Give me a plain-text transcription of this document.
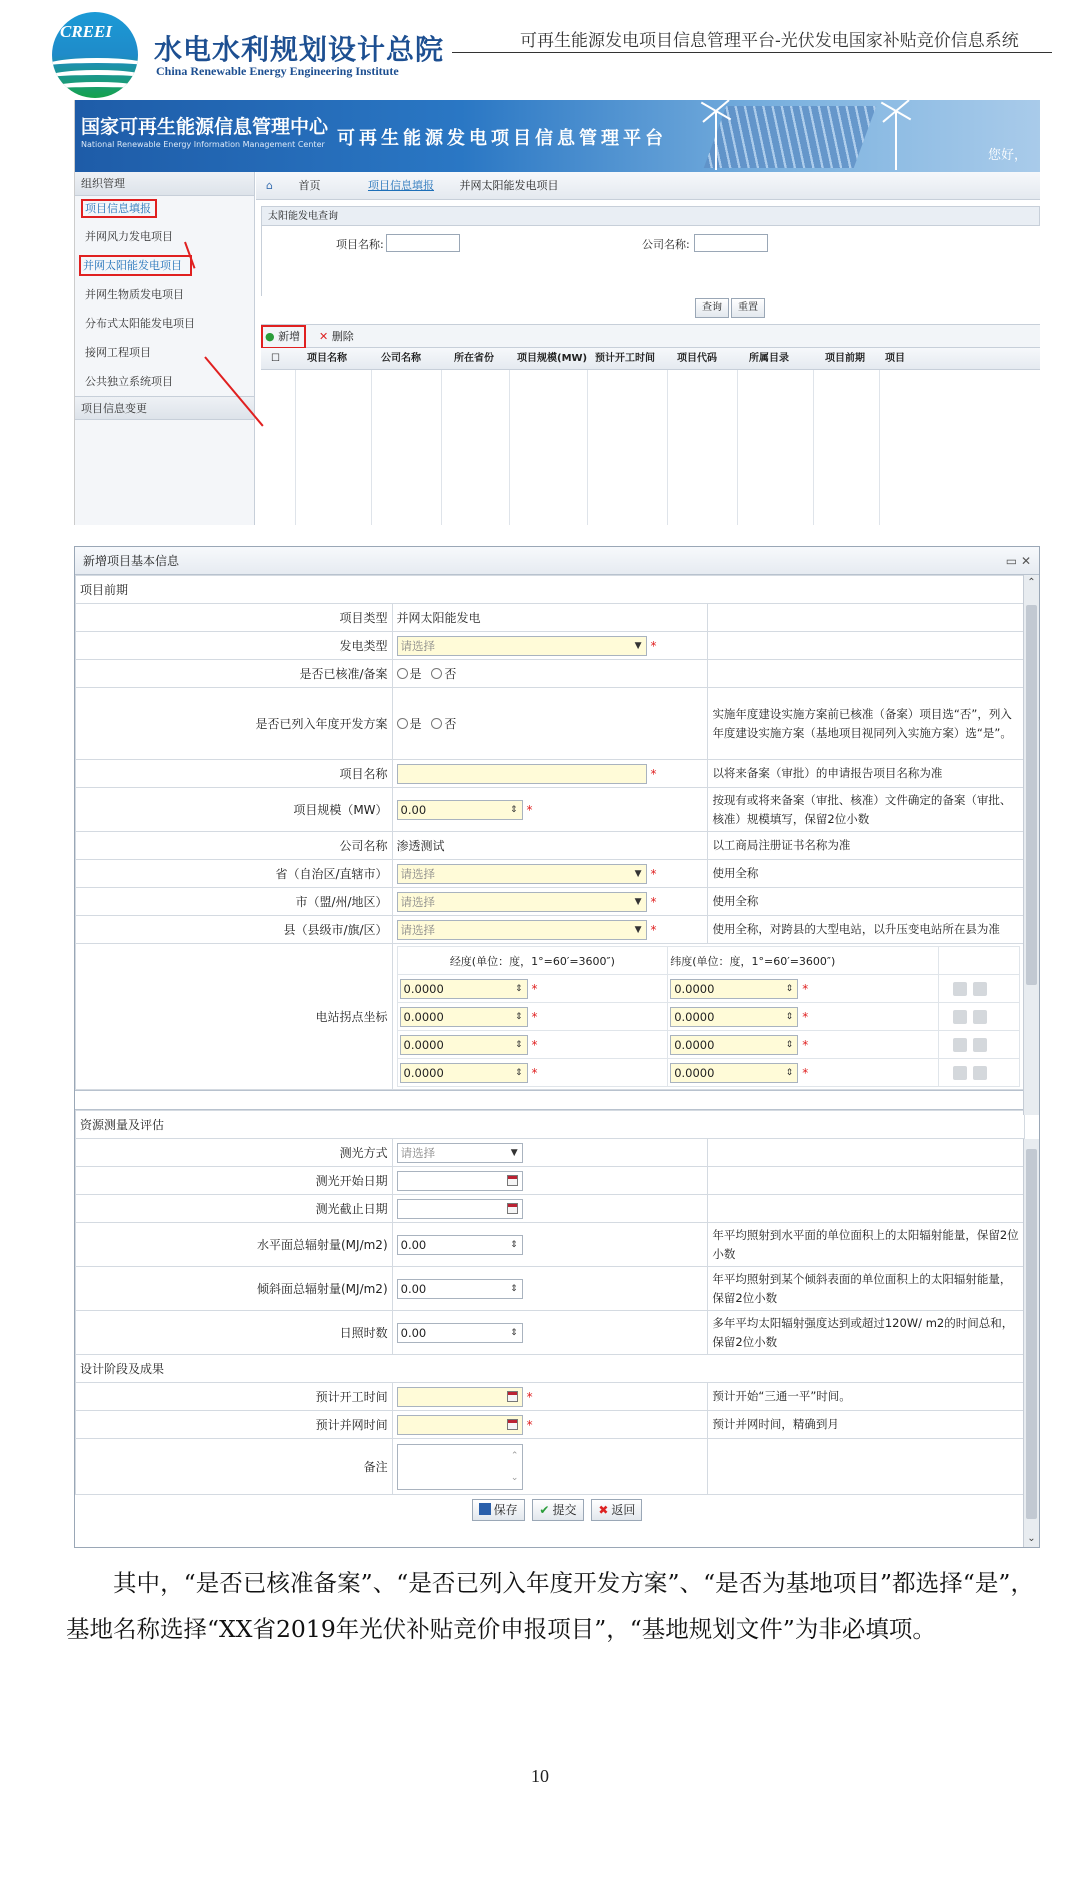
CREEI
水电水利规划设计总院
China Renewable Energy Engineering Institute
可再生能源发电项目信息管理平台-光伏发电国家补贴竞价信息系统
国家可再生能源信息管理中心
National Renewable Energy Information Management Center 可再生能源发电项目信息管理平台
您好，
组织管理
项目信息填报
并网风力发电项目
并网太阳能发电项目
并网生物质发电项目
分布式太阳能发电项目
接网工程项目
公共独立系统项目
项目信息变更
⌂ 首页	项目信息填报 并网太阳能发电项目
太阳能发电查询
项目名称:	公司名称:
查询	重置
● 新增	✕ 删除
☐	项目名称	公司名称	所在省份 项目规模(MW) 预计开工时间 项目代码	所属目录	项目前期 项目
新增项目基本信息	▭ ✕
⌃
项目前期
项目类型	并网太阳能发电	
发电类型	请选择	▼ *	
是否已核准/备案	是 否	
是否已列入年度开发方案	是 否	实施年度建设实施方案前已核准（备案）项目选“否”，列入年度建设实施方案（基地项目视同列入实施方案）选“是”。
项目名称	*	以将来备案（审批）的申请报告项目名称为准
项目规模（MW）	0.00	⇕ *	按现有或将来备案（审批、核准）文件确定的备案（审批、核准）规模填写，保留2位小数
公司名称	渗透测试	以工商局注册证书名称为准
省（自治区/直辖市）	请选择	▼ *	使用全称
市（盟/州/地区）	请选择	▼ *	使用全称
县（县级市/旗/区）	请选择	▼ *	使用全称，对跨县的大型电站，以升压变电站所在县为准
电站拐点坐标	
经度(单位：度，1°=60′=3600″)	纬度(单位：度，1°=60′=3600″)	
0.0000	⇕ *	0.0000	⇕ *	
0.0000	⇕ *	0.0000	⇕ *	
0.0000	⇕ *	0.0000	⇕ *	
0.0000	⇕ *	0.0000	⇕ *	
资源测量及评估		
测光方式	请选择 ▼	

测光开始日期	

测光截止日期	

水平面总辐射量(MJ/m2)	0.00 ⇕	年平均照射到水平面的单位面积上的太阳辐射能量，保留2位小数
倾斜面总辐射量(MJ/m2)	0.00 ⇕	年平均照射到某个倾斜表面的单位面积上的太阳辐射能量，保留2位小数
日照时数	0.00 ⇕	多年平均太阳辐射强度达到或超过120W/ m2的时间总和，保留2位小数
设计阶段及成果		
预计开工时间	*	预计开始“三通一平”时间。
预计并网时间	*	预计并网时间，精确到月
备注	⌃
⌄	

保存 ✔ 提交 ✖ 返回
⌄
其中，“是否已核准备案”、“是否已列入年度开发方案”、“是否为基地项目”都选择“是”，基地名称选择“XX省2019年光伏补贴竞价申报项目”，“基地规划文件”为非必填项。
10
